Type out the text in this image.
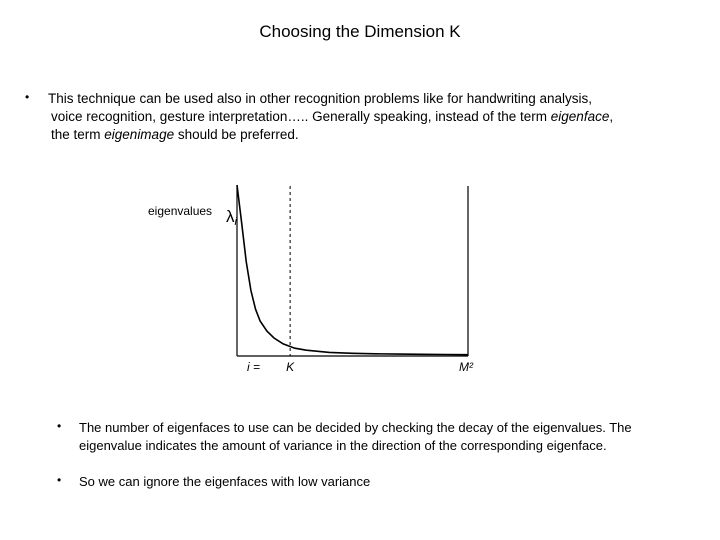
Choosing the Dimension K
• This technique can be used also in other recognition problems like for handwriting analysis,
voice recognition, gesture interpretation….. Generally speaking, instead of the term eigenface,
the term eigenimage should be preferred.
eigenvalues λi
i = K	M²
• The number of eigenfaces to use can be decided by checking the decay of the eigenvalues. The eigenvalue indicates the amount of variance in the direction of the corresponding eigenface.
• So we can ignore the eigenfaces with low variance
